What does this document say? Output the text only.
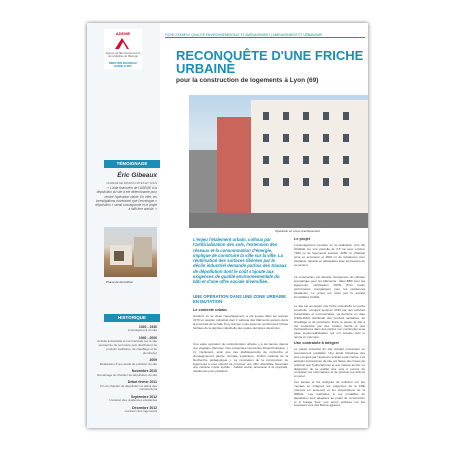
ADEME
Agence de l'Environnement et de la Maîtrise de l'Énergie
DIRECTION RÉGIONALE RHÔNE-ALPES
TÉMOIGNAGE
Éric Gibeaux
CHARGÉ DE MISSION SITES ET SOLS
« L'aide financière de l'ADEME à la dépollution du site a été déterminante pour rendre l'opération viable. En effet, les investigations montraient que l'enveloppe « dépollution » serait conséquente et le projet a failli être annulé. »
Phase de démolition
HISTORIQUE
1920 - 1940
Aménagement du site
1940 - 2000
Activité industrielle et commerciale sur le site (entreprise de serrurerie puis distributeur de produits sanitaires, de chauffage et de plomberie)
2009
Réalisation d'une étude de pollution du site
Novembre 2010
Démarrage du chantier de dépollution du site
Début février 2011
Fin du chantier de dépollution et début des constructions
Septembre 2012
Livraison des résidences étudiantes
Décembre 2012
Livraison des logements
FICHE EXEMPLE QUALITÉ ENVIRONNEMENTALE ET AMÉNAGEMENT | AMÉNAGEMENT ET URBANISME
RECONQUÊTE D'UNE FRICHE URBAINE
pour la construction de logements à Lyon (69)
Opération en cours d'achèvement

L'enjeu l'étalement urbain, colloux par l'artificialisation des sols, l'extension des réseaux et la consommation d'énergie, implique de construire la ville sur la ville. La réutilisation des surfaces libérées par le déclin industriel demande parfois des travaux de dépollution dont le coût s'ajoute aux exigences de qualité environnementale du bâti et d'une offre sociale diversifiée.

UNE OPÉRATION DANS UNE ZONE URBAINE EN MUTATION

Le contexte urbain

Gerland, vu se situer l'aménagement, a été jusque dans les années 1970 un quartier industriel dont il subsiste des bâtiments anciens dans la proximité de la halle Tony Garnier, mais aussi de nombreuses friches héritées de la déprise industrielle des quatre dernières décennies.

Une vaste opération de restructuration urbaine y a été lancée depuis une vingtaine d'années. Des entreprises innovantes (biotechnologies...) s'y implantent, ainsi que des établissements de recherche et d'enseignement (Ecole normale supérieure, Institut national de la Recherche pédagogique...). La rénovation de la construction de logements a pour objectif de proposer une offre diversifiée favorisant une certaine mixité sociale : habitat social, accession à la propriété, résidences pour étudiants...

Le projet

L'aménagement consiste en la réalisation d'un îlot d'habitat sur une parcelle de 0,5 ha avec environ 7300 m² de logements sociaux, 2050 m² d'habitat privé en accession et 4600 m² de résidences pour étudiants, répartis en adéquation avec les besoins de ce secteur.

La construction est assortie d'exigences de sobriété énergétique pour les bâtiments : label BBC pour les logements, certification THPE (Très haute performance énergétique) pour les résidences étudiantes. Le projet est porté par la société immobilière ICADE.

Le site est au départ une friche industrielle en partie construite, occupée jusqu'en 2010 par des activités industrielles et commerciales. La dernière en date (1960-2010) distribuait des produits sanitaires, de chauffage et de plomberie. Dans le passé, le site a été contaminé par des métaux lourds et des hydrocarbures dans des parties non construites sous toute imperméabilisation qui ont ensuite subi le temps en mémoire.

Une contrainte à intégrer

Le passé industriel du site révélait nécessaire un recensement préalable. Une étude historique des sols occupés par l'ancienne activité a été menée. Les activités successives du site ont laissé des traces de pollution aux hydrocarbures et aux métaux lourds. Le diagnostic de la qualité des sols a permis de compléter les informations et de préciser les actions à mener.

Les études et les analyses de pollution ont été menées en intégrant les exigences de la FDE (rampes en sous-sol) et les prescriptions de la DREAL. Les méthodes et les modalités de dépollution sont adaptées au projet de construction et à l'usage futur. Les terres polluées ont été évacuées vers des filières agréées.
